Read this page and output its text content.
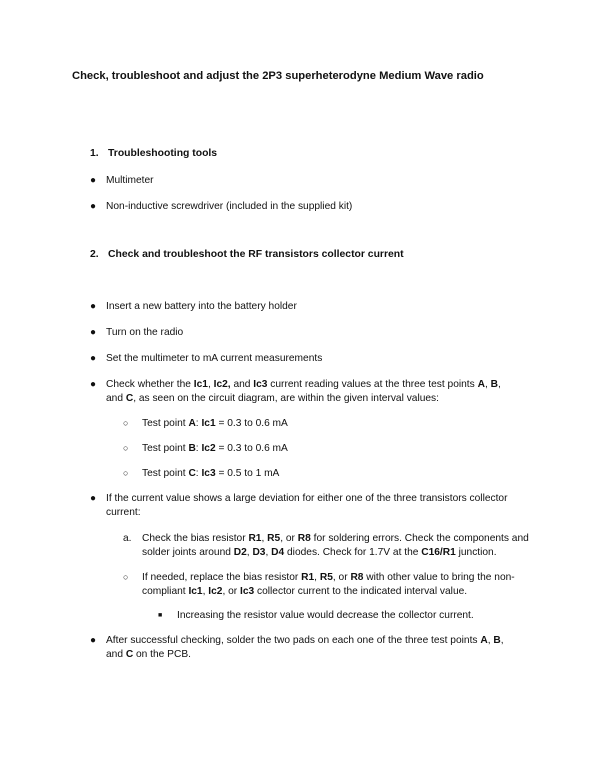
Check, troubleshoot and adjust the 2P3 superheterodyne Medium Wave radio
1. Troubleshooting tools
● Multimeter
● Non-inductive screwdriver (included in the supplied kit)
2. Check and troubleshoot the RF transistors collector current
● Insert a new battery into the battery holder
● Turn on the radio
● Set the multimeter to mA current measurements
● Check whether the Ic1, Ic2, and Ic3 current reading values at the three test points A, B,
and C, as seen on the circuit diagram, are within the given interval values:
○ Test point A: Ic1 = 0.3 to 0.6 mA
○ Test point B: Ic2 = 0.3 to 0.6 mA
○ Test point C: Ic3 = 0.5 to 1 mA
● If the current value shows a large deviation for either one of the three transistors collector current:
a. Check the bias resistor R1, R5, or R8 for soldering errors. Check the components and solder joints around D2, D3, D4 diodes. Check for 1.7V at the C16/R1 junction.
○ If needed, replace the bias resistor R1, R5, or R8 with other value to bring the non-compliant Ic1, Ic2, or Ic3 collector current to the indicated interval value.
■ Increasing the resistor value would decrease the collector current.
● After successful checking, solder the two pads on each one of the three test points A, B,
and C on the PCB.
